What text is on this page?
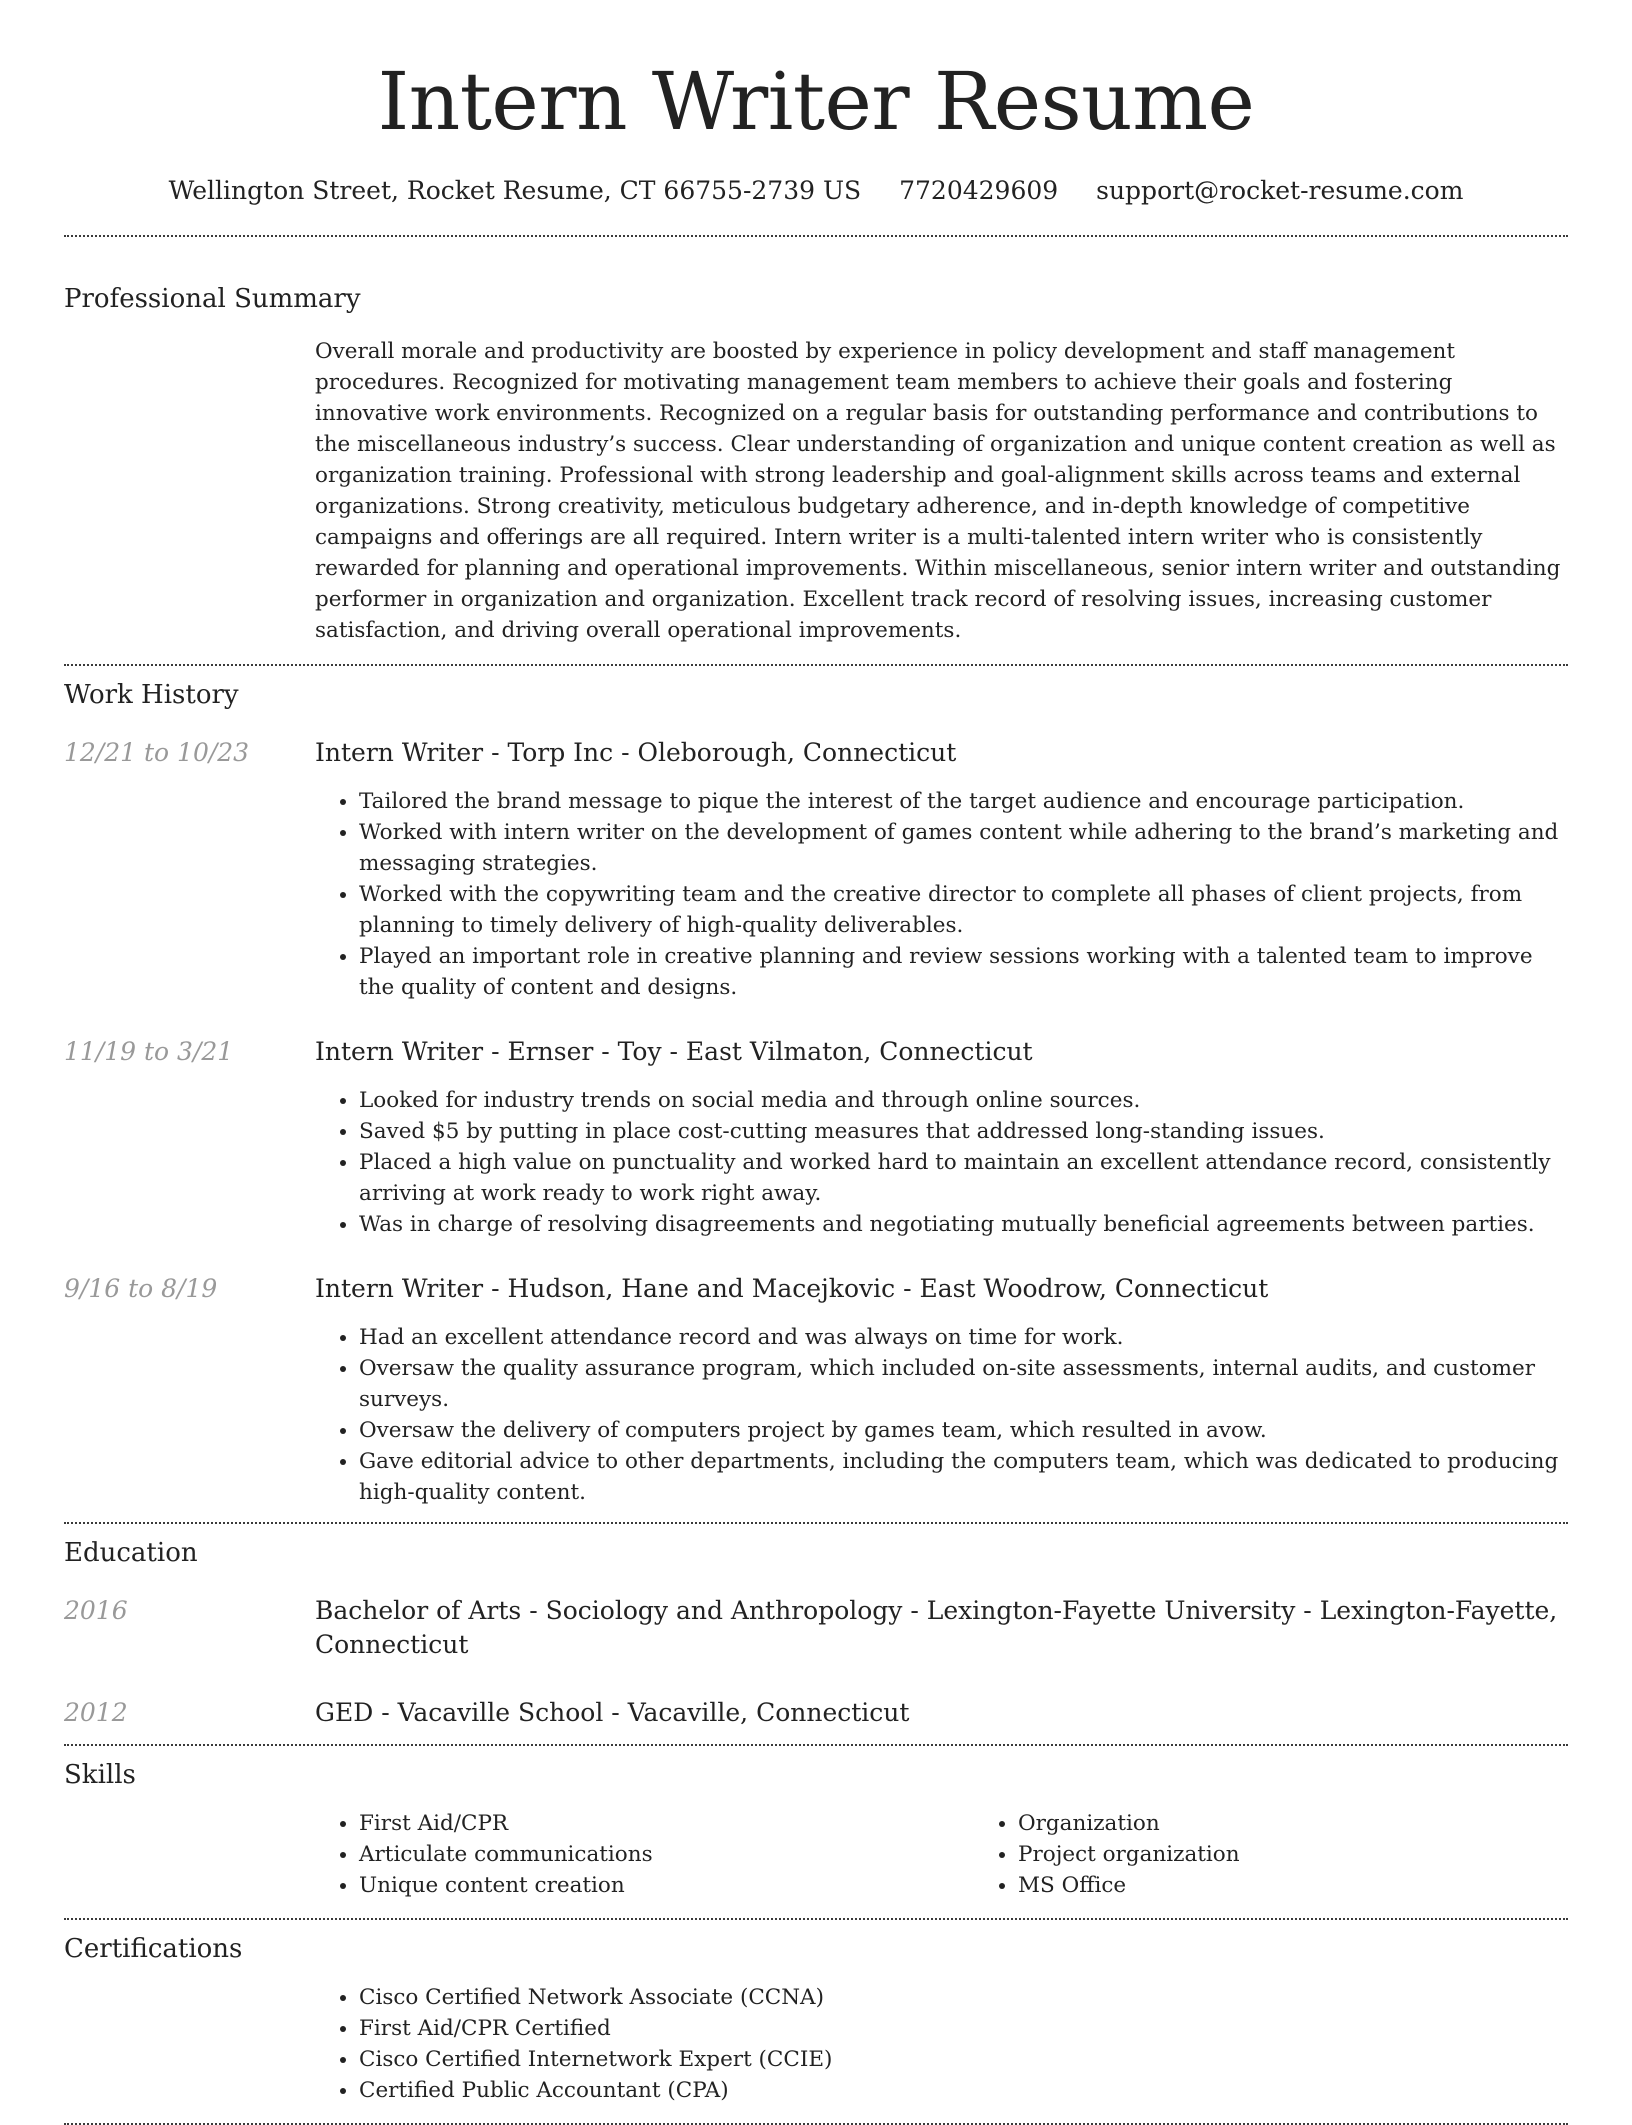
Intern Writer Resume
Wellington Street, Rocket Resume, CT 66755-2739 US 7720429609 support@rocket-resume.com
Professional Summary

Overall morale and productivity are boosted by experience in policy development and staff management procedures. Recognized for motivating management team members to achieve their goals and fostering innovative work environments. Recognized on a regular basis for outstanding performance and contributions to the miscellaneous industry’s success. Clear understanding of organization and unique content creation as well as organization training. Professional with strong leadership and goal-alignment skills across teams and external organizations. Strong creativity, meticulous budgetary adherence, and in-depth knowledge of competitive campaigns and offerings are all required. Intern writer is a multi-talented intern writer who is consistently rewarded for planning and operational improvements. Within miscellaneous, senior intern writer and outstanding performer in organization and organization. Excellent track record of resolving issues, increasing customer satisfaction, and driving overall operational improvements.

Work History
12/21 to 10/23	Intern Writer - Torp Inc - Oleborough, Connecticut
• Tailored the brand message to pique the interest of the target audience and encourage participation.
• Worked with intern writer on the development of games content while adhering to the brand’s marketing and messaging strategies.
• Worked with the copywriting team and the creative director to complete all phases of client projects, from planning to timely delivery of high-quality deliverables.
• Played an important role in creative planning and review sessions working with a talented team to improve the quality of content and designs.
11/19 to 3/21	Intern Writer - Ernser - Toy - East Vilmaton, Connecticut
• Looked for industry trends on social media and through online sources.
• Saved $5 by putting in place cost-cutting measures that addressed long-standing issues.
• Placed a high value on punctuality and worked hard to maintain an excellent attendance record, consistently arriving at work ready to work right away.
• Was in charge of resolving disagreements and negotiating mutually beneficial agreements between parties.
9/16 to 8/19	Intern Writer - Hudson, Hane and Macejkovic - East Woodrow, Connecticut
• Had an excellent attendance record and was always on time for work.
• Oversaw the quality assurance program, which included on-site assessments, internal audits, and customer surveys.
• Oversaw the delivery of computers project by games team, which resulted in avow.
• Gave editorial advice to other departments, including the computers team, which was dedicated to producing high-quality content.
Education
2016	Bachelor of Arts - Sociology and Anthropology - Lexington-Fayette University - Lexington-Fayette, Connecticut
2012	GED - Vacaville School - Vacaville, Connecticut
Skills
• First Aid/CPR
• Articulate communications
• Unique content creation
• Organization
• Project organization
• MS Office
Certifications
• Cisco Certified Network Associate (CCNA)
• First Aid/CPR Certified
• Cisco Certified Internetwork Expert (CCIE)
• Certified Public Accountant (CPA)
